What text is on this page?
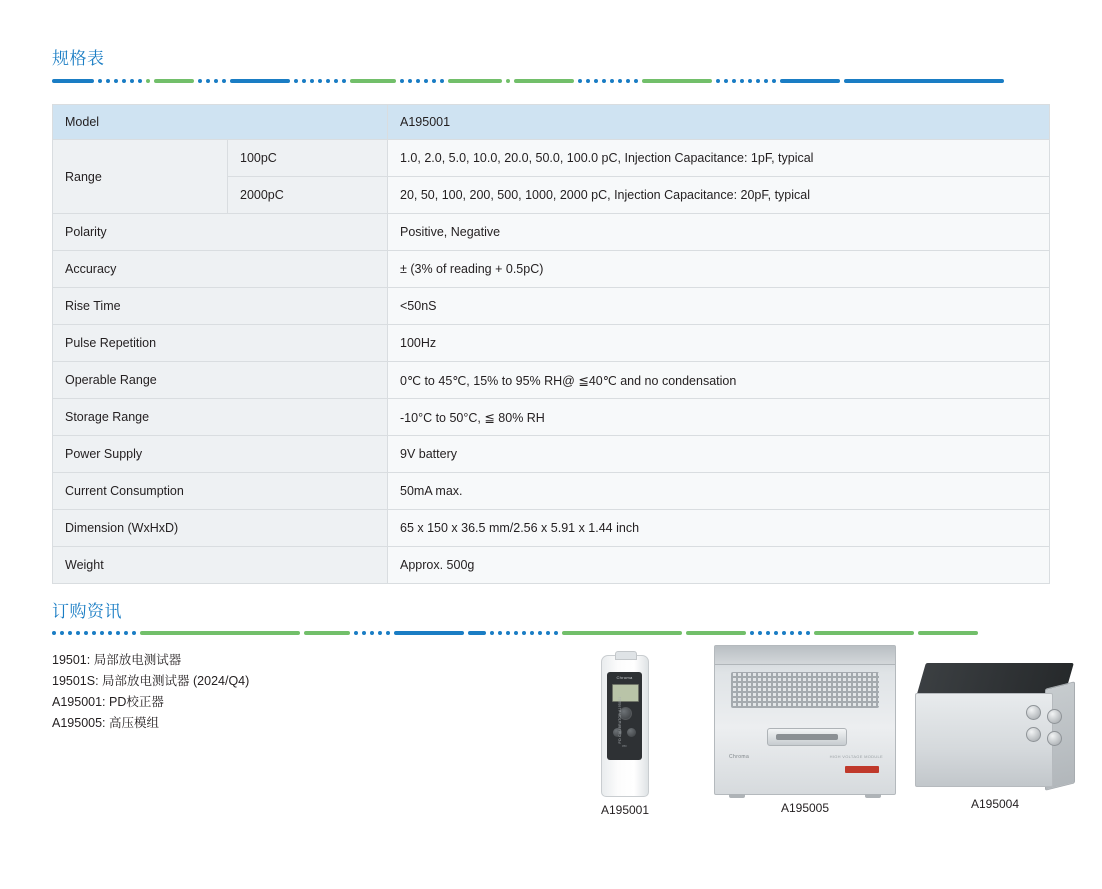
规格表
Model		A195001
Range	100pC	1.0, 2.0, 5.0, 10.0, 20.0, 50.0, 100.0 pC, Injection Capacitance: 1pF, typical
	2000pC	20, 50, 100, 200, 500, 1000, 2000 pC, Injection Capacitance: 20pF, typical
Polarity		Positive, Negative
Accuracy		± (3% of reading + 0.5pC)
Rise Time		<50nS
Pulse Repetition		100Hz
Operable Range		0℃ to 45℃, 15% to 95% RH@ ≦40℃ and no condensation
Storage Range		-10°C to 50°C, ≦ 80% RH
Power Supply		9V battery
Current Consumption		50mA max.
Dimension (WxHxD)		65 x 150 x 36.5 mm/2.56 x 5.91 x 1.44 inch
Weight		Approx. 500g
订购资讯
19501: 局部放电测试器
19501S: 局部放电测试器 (2024/Q4)
A195001: PD校正器
A195005: 高压模组
Chroma
PD
PD CALIBRATOR A195001
A195001
Chroma	HIGH VOLTAGE MODULE
A195005	A195004
